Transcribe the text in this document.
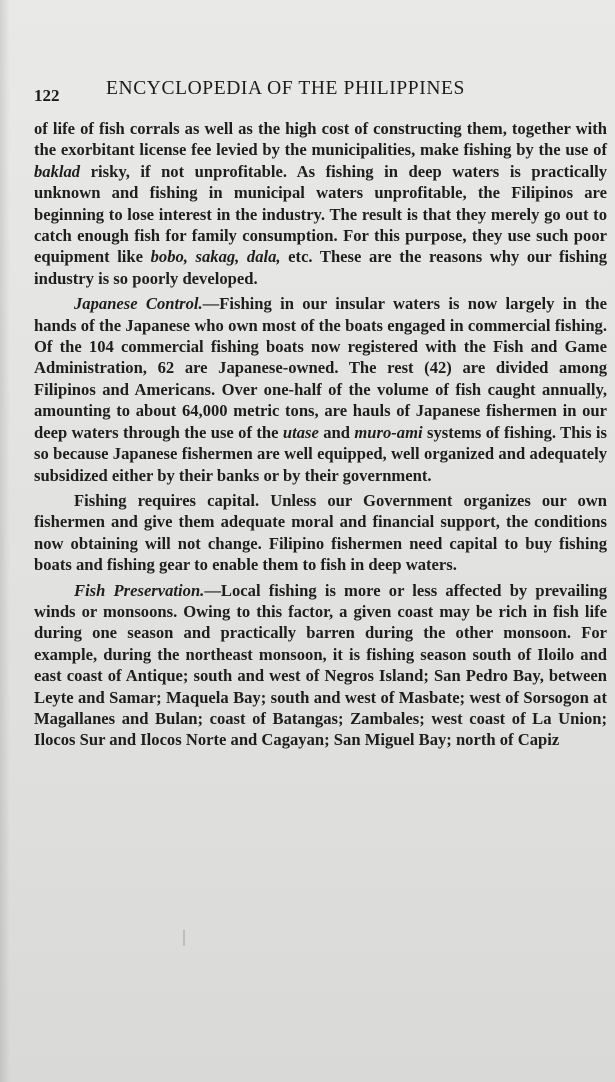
122 ENCYCLOPEDIA OF THE PHILIPPINES

of life of fish corrals as well as the high cost of constructing them, together with the exorbitant license fee levied by the municipalities, make fishing by the use of baklad risky, if not unprofitable. As fishing in deep waters is practically unknown and fishing in municipal waters unprofitable, the Filipinos are beginning to lose interest in the industry. The result is that they merely go out to catch enough fish for family consumption. For this purpose, they use such poor equipment like bobo, sakag, dala, etc. These are the reasons why our fishing industry is so poorly developed.

Japanese Control.—Fishing in our insular waters is now largely in the hands of the Japanese who own most of the boats engaged in commercial fishing. Of the 104 commercial fishing boats now registered with the Fish and Game Administration, 62 are Japanese-owned. The rest (42) are divided among Filipinos and Americans. Over one-half of the volume of fish caught annually, amounting to about 64,000 metric tons, are hauls of Japanese fishermen in our deep waters through the use of the utase and muro-ami systems of fishing. This is so because Japanese fishermen are well equipped, well organized and adequately subsidized either by their banks or by their government.

Fishing requires capital. Unless our Government organizes our own fishermen and give them adequate moral and financial support, the conditions now obtaining will not change. Filipino fishermen need capital to buy fishing boats and fishing gear to enable them to fish in deep waters.

Fish Preservation.—Local fishing is more or less affected by prevailing winds or monsoons. Owing to this factor, a given coast may be rich in fish life during one season and practically barren during the other monsoon. For example, during the northeast monsoon, it is fishing season south of Iloilo and east coast of Antique; south and west of Negros Island; San Pedro Bay, between Leyte and Samar; Maquela Bay; south and west of Masbate; west of Sorsogon at Magallanes and Bulan; coast of Batangas; Zambales; west coast of La Union; Ilocos Sur and Ilocos Norte and Cagayan; San Miguel Bay; north of Capiz
